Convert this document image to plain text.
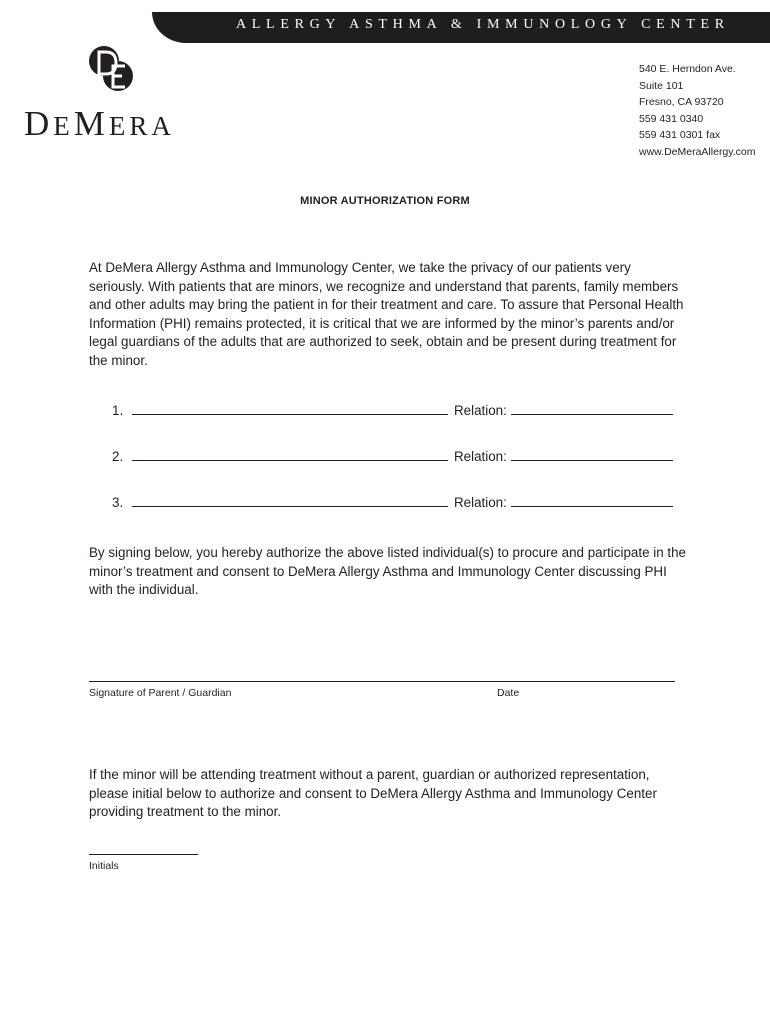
ALLERGY ASTHMA & IMMUNOLOGY CENTER
DEMERA
540 E. Herndon Ave.
Suite 101
Fresno, CA 93720
559 431 0340
559 431 0301 fax
www.DeMeraAllergy.com
MINOR AUTHORIZATION FORM
At DeMera Allergy Asthma and Immunology Center, we take the privacy of our patients very seriously. With patients that are minors, we recognize and understand that parents, family members and other adults may bring the patient in for their treatment and care. To assure that Personal Health Information (PHI) remains protected, it is critical that we are informed by the minor’s parents and/or legal guardians of the adults that are authorized to seek, obtain and be present during treatment for the minor.
1.	Relation:
2.	Relation:
3.	Relation:
By signing below, you hereby authorize the above listed individual(s) to procure and participate in the minor’s treatment and consent to DeMera Allergy Asthma and Immunology Center discussing PHI with the individual.
Signature of Parent / Guardian	Date
If the minor will be attending treatment without a parent, guardian or authorized representation, please initial below to authorize and consent to DeMera Allergy Asthma and Immunology Center providing treatment to the minor.
Initials
